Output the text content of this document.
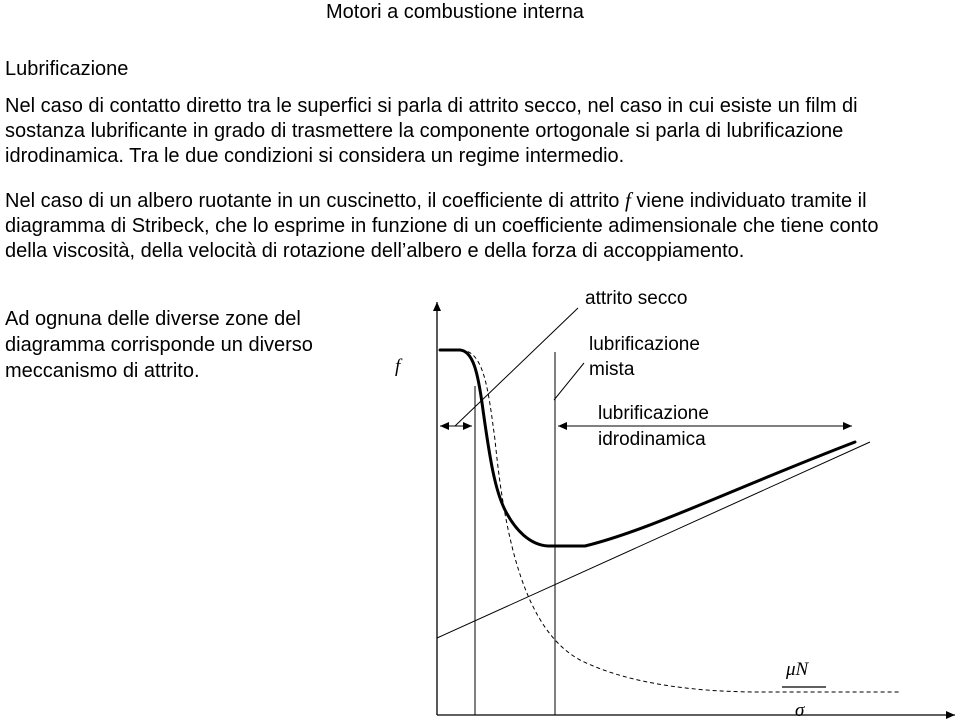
Motori a combustione interna
Lubrificazione
Nel caso di contatto diretto tra le superfici si parla di attrito secco, nel caso in cui esiste un film di
sostanza lubrificante in grado di trasmettere la componente ortogonale si parla di lubrificazione
idrodinamica. Tra le due condizioni si considera un regime intermedio.
Nel caso di un albero ruotante in un cuscinetto, il coefficiente di attrito f viene individuato tramite il
diagramma di Stribeck, che lo esprime in funzione di un coefficiente adimensionale che tiene conto
della viscosità, della velocità di rotazione dell’albero e della forza di accoppiamento.
Ad ognuna delle diverse zone del
diagramma corrisponde un diverso
meccanismo di attrito.	f
attrito secco
lubrificazione
mista
lubrificazione
idrodinamica
μN
σ
